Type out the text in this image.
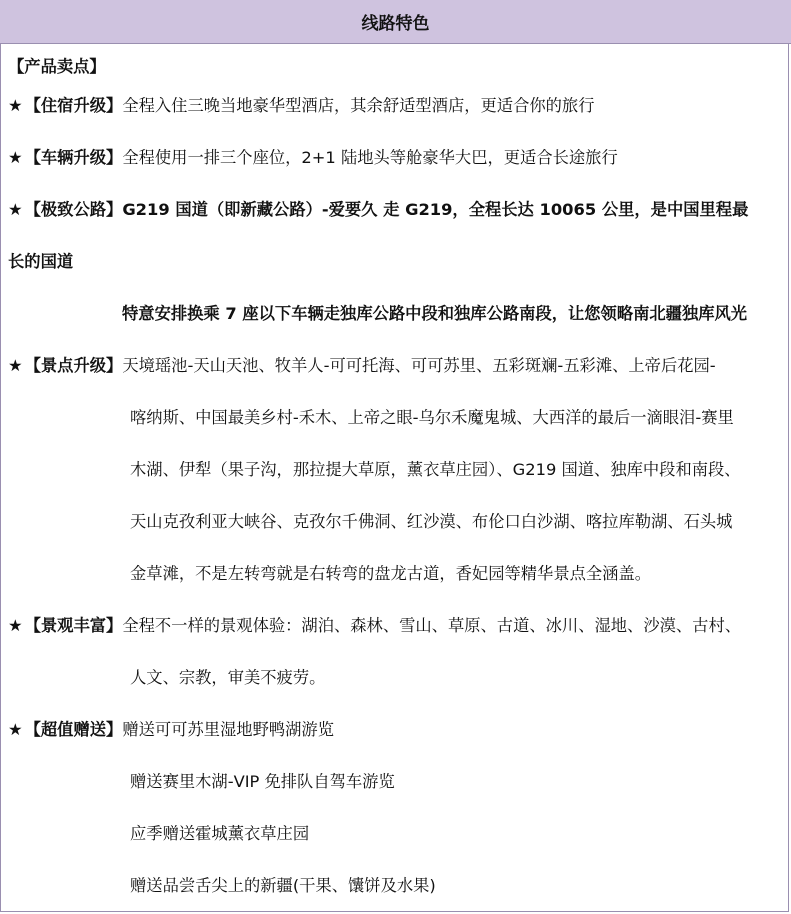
线路特色
【产品卖点】
★ 【住宿升级】全程入住三晚当地豪华型酒店，其余舒适型酒店，更适合你的旅行
★ 【车辆升级】全程使用一排三个座位，2+1 陆地头等舱豪华大巴，更适合长途旅行
★ 【极致公路】G219 国道（即新藏公路）-爱要久 走 G219，全程长达 10065 公里，是中国里程最
长的国道
特意安排换乘 7 座以下车辆走独库公路中段和独库公路南段，让您领略南北疆独库风光
★ 【景点升级】天境瑶池-天山天池、牧羊人-可可托海、可可苏里、五彩斑斓-五彩滩、上帝后花园-
喀纳斯、中国最美乡村-禾木、上帝之眼-乌尔禾魔鬼城、大西洋的最后一滴眼泪-赛里
木湖、伊犁（果子沟，那拉提大草原，薰衣草庄园）、G219 国道、独库中段和南段、
天山克孜利亚大峡谷、克孜尔千佛洞、红沙漠、布伦口白沙湖、喀拉库勒湖、石头城
金草滩，不是左转弯就是右转弯的盘龙古道，香妃园等精华景点全涵盖。
★ 【景观丰富】全程不一样的景观体验：湖泊、森林、雪山、草原、古道、冰川、湿地、沙漠、古村、
人文、宗教，审美不疲劳。
★ 【超值赠送】赠送可可苏里湿地野鸭湖游览
赠送赛里木湖-VIP 免排队自驾车游览
应季赠送霍城薰衣草庄园
赠送品尝舌尖上的新疆(干果、馕饼及水果)
